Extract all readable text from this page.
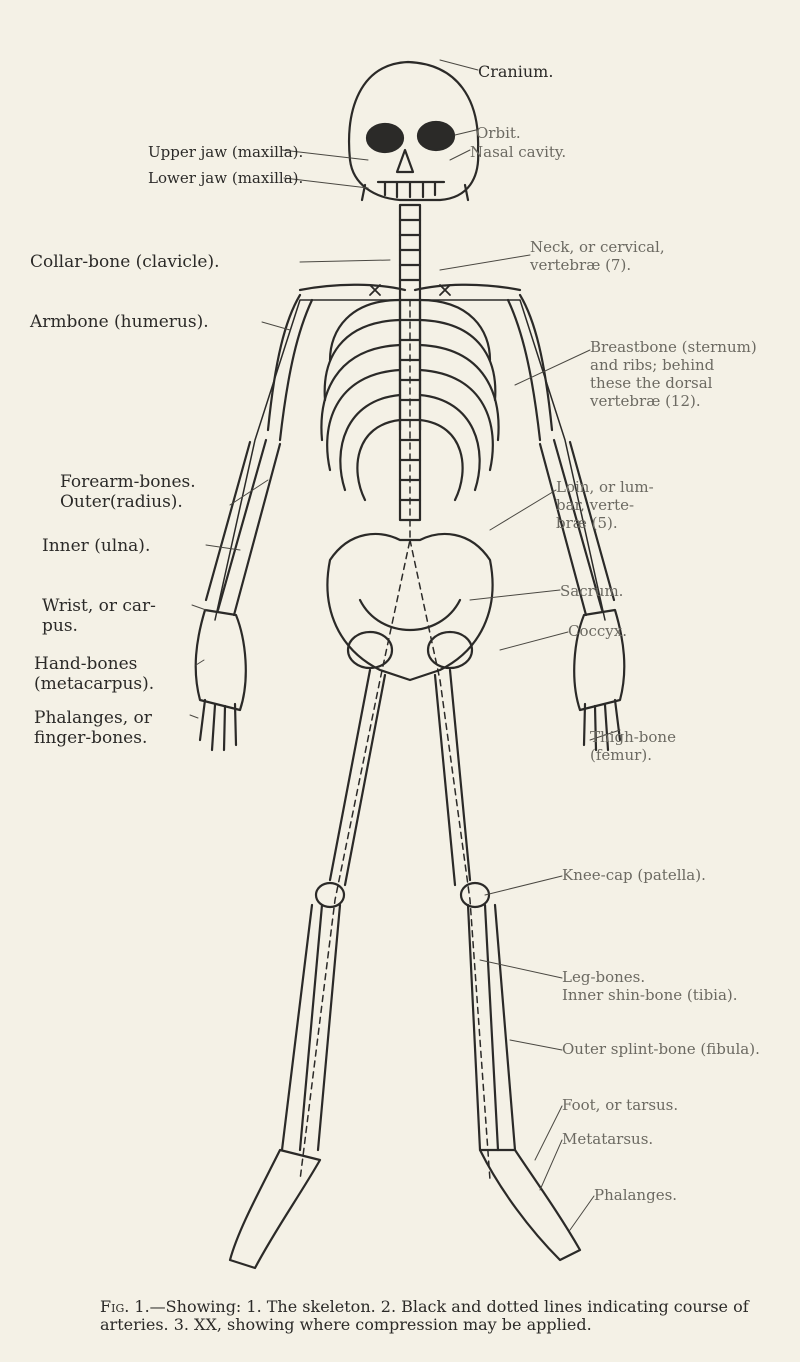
Cranium.
Orbit.
Nasal cavity.
Upper jaw (maxilla).
Lower jaw (maxilla).
Neck, or cervical,
vertebræ (7).
Collar-bone (clavicle).
Armbone (humerus).
Breastbone (sternum)
and ribs; behind
these the dorsal
vertebræ (12).
Forearm-bones.
Outer(radius).
Loin, or lum-
bar, verte-
bræ (5).
Inner (ulna).
Sacrum.
Wrist, or car-
pus.	Coccyx.
Hand-bones
(metacarpus).
Phalanges, or
finger-bones.	Thigh-bone
(femur).
Knee-cap (patella).
Leg-bones.
Inner shin-bone (tibia).
Outer splint-bone (fibula).
Foot, or tarsus.
Metatarsus.
Phalanges.
Fig. 1.—Showing: 1. The skeleton. 2. Black and dotted lines indicating course of arteries. 3. XX, showing where compression may be applied.
